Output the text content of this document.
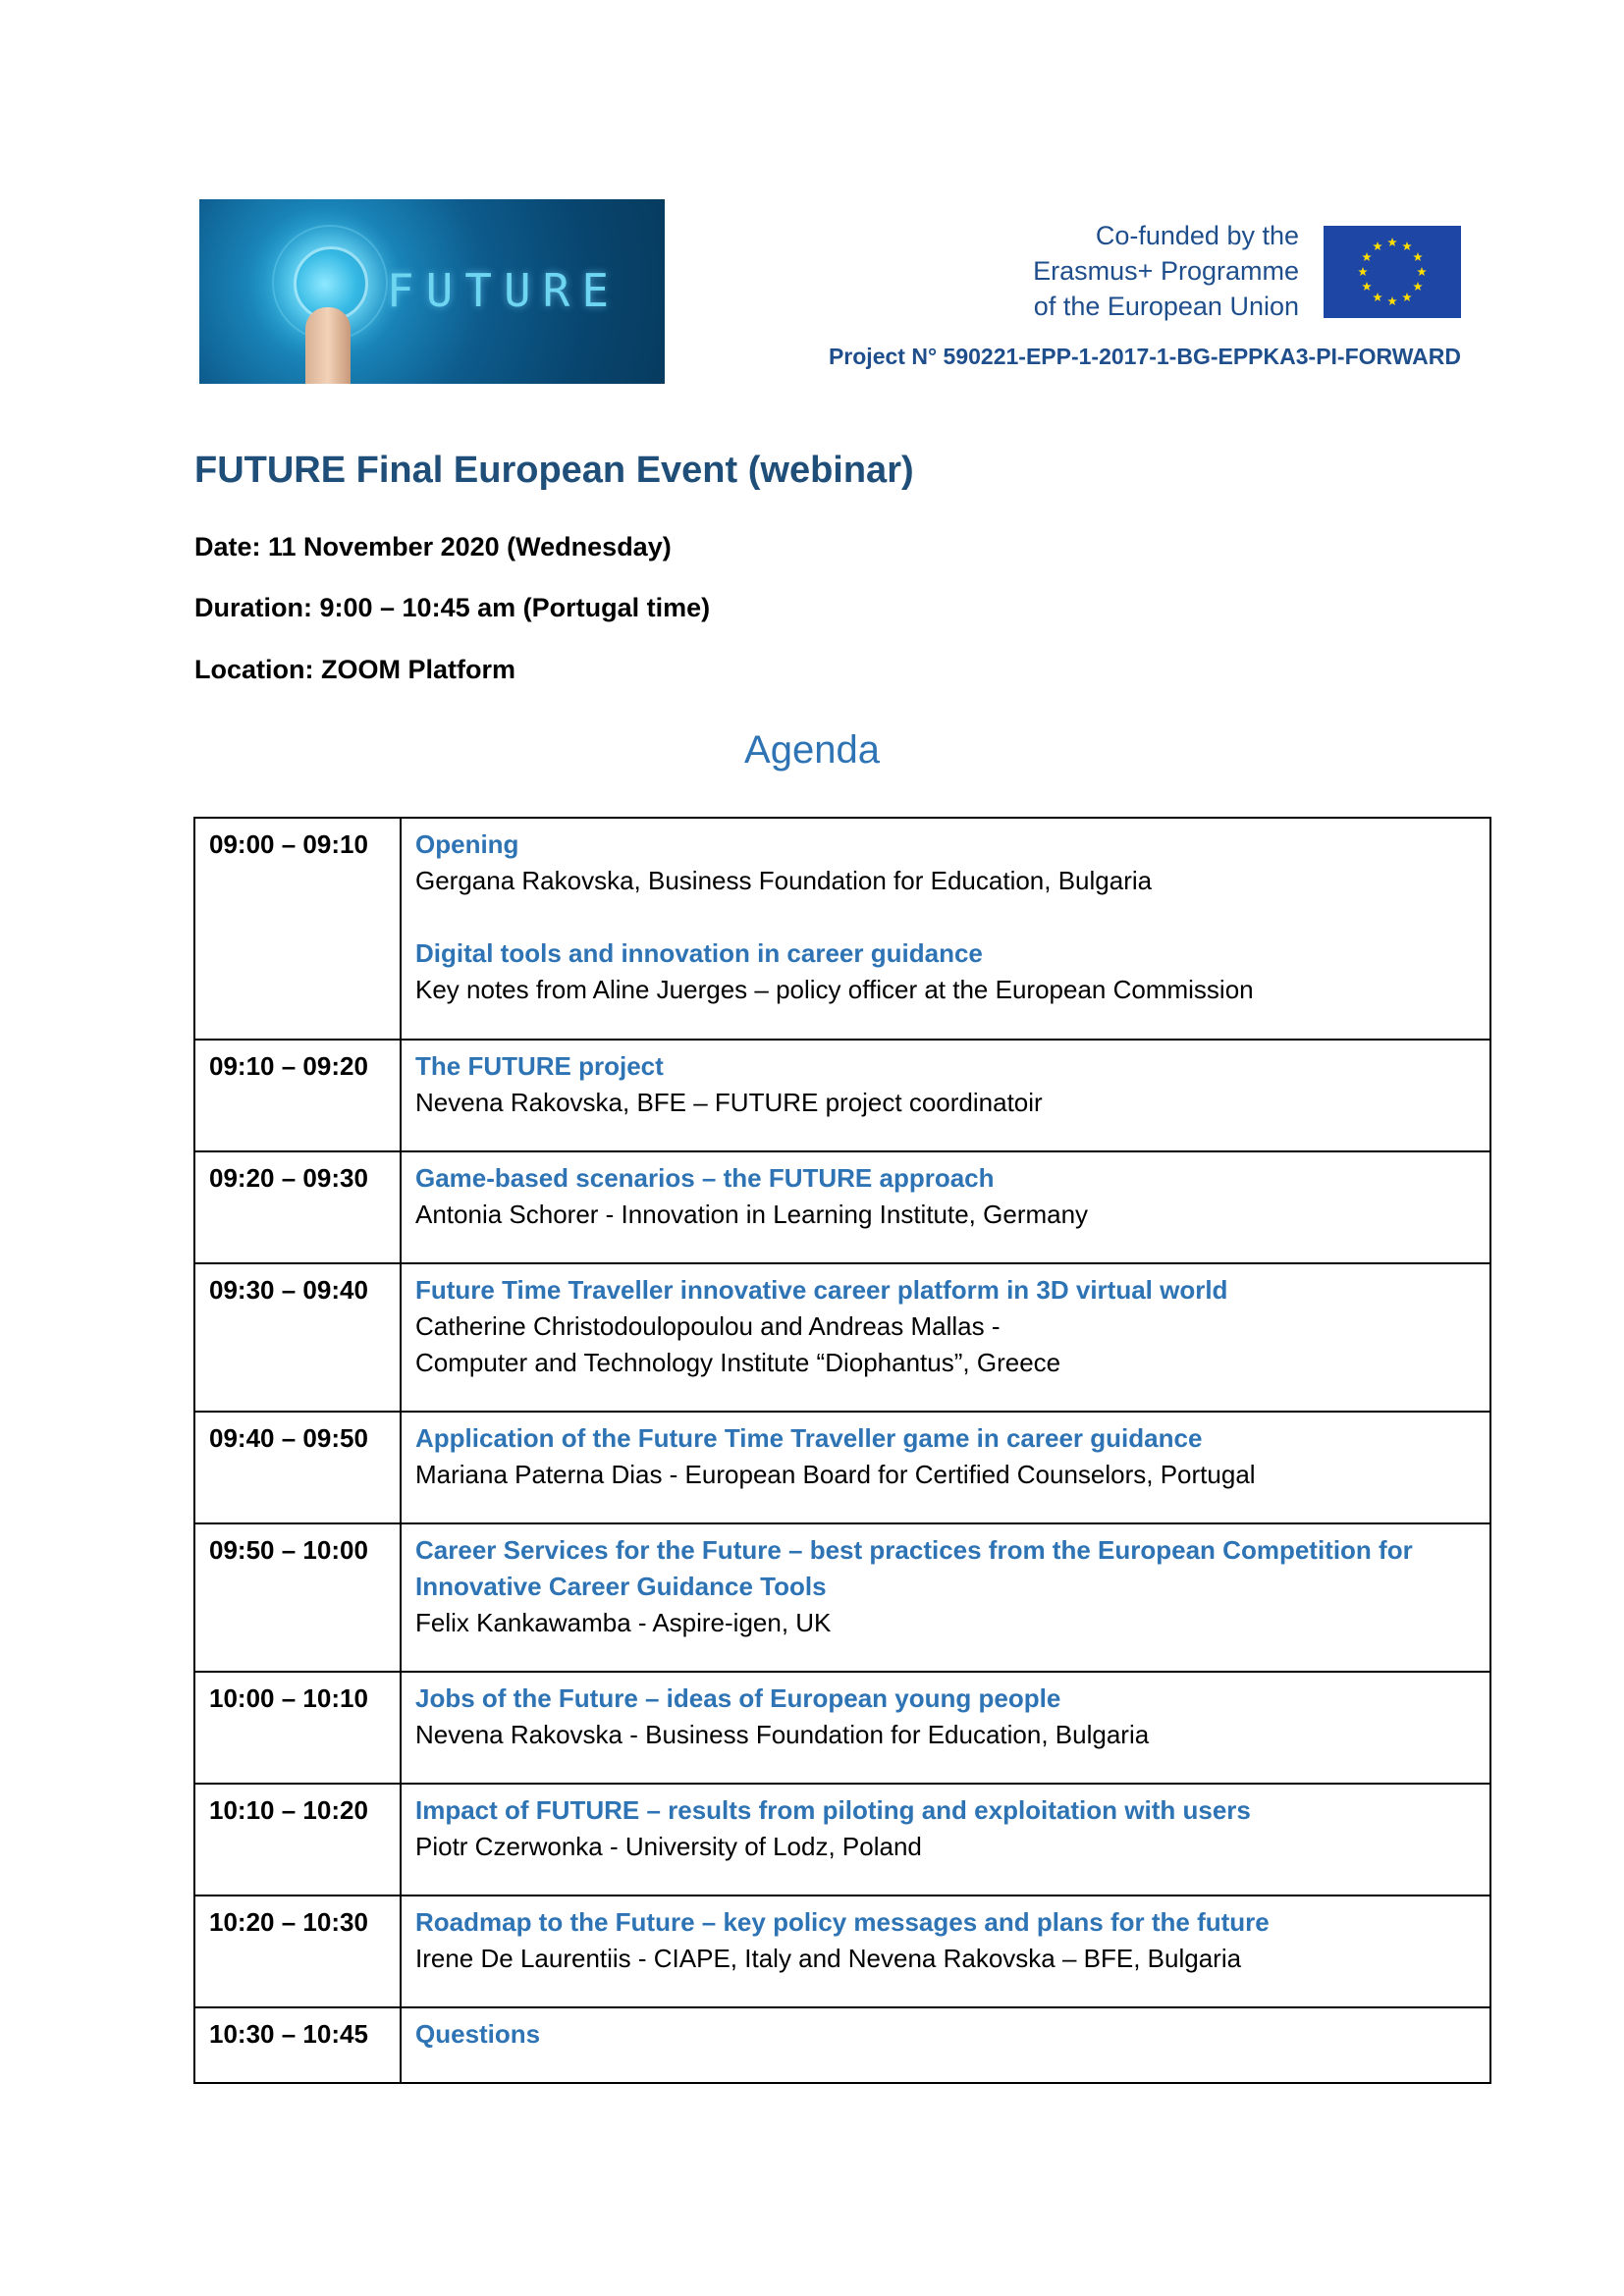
FUTURE
Co-funded by the
Erasmus+ Programme
of the European Union
Project N° 590221-EPP-1-2017-1-BG-EPPKA3-PI-FORWARD
FUTURE Final European Event (webinar)
Date: 11 November 2020 (Wednesday)
Duration: 9:00 – 10:45 am (Portugal time)
Location: ZOOM Platform
Agenda
09:00 – 09:10	Opening
Gergana Rakovska, Business Foundation for Education, Bulgaria
Digital tools and innovation in career guidance
Key notes from Aline Juerges – policy officer at the European Commission

09:10 – 09:20	The FUTURE project
Nevena Rakovska, BFE – FUTURE project coordinatoir

09:20 – 09:30	Game-based scenarios – the FUTURE approach
Antonia Schorer - Innovation in Learning Institute, Germany

09:30 – 09:40	Future Time Traveller innovative career platform in 3D virtual world
Catherine Christodoulopoulou and Andreas Mallas -
Computer and Technology Institute “Diophantus”, Greece

09:40 – 09:50	Application of the Future Time Traveller game in career guidance
Mariana Paterna Dias - European Board for Certified Counselors, Portugal

09:50 – 10:00	Career Services for the Future – best practices from the European Competition for Innovative Career Guidance Tools
Felix Kankawamba - Aspire-igen, UK

10:00 – 10:10	Jobs of the Future – ideas of European young people
Nevena Rakovska - Business Foundation for Education, Bulgaria

10:10 – 10:20	Impact of FUTURE – results from piloting and exploitation with users
Piotr Czerwonka - University of Lodz, Poland

10:20 – 10:30	Roadmap to the Future – key policy messages and plans for the future
Irene De Laurentiis - CIAPE, Italy and Nevena Rakovska – BFE, Bulgaria

10:30 – 10:45	Questions
